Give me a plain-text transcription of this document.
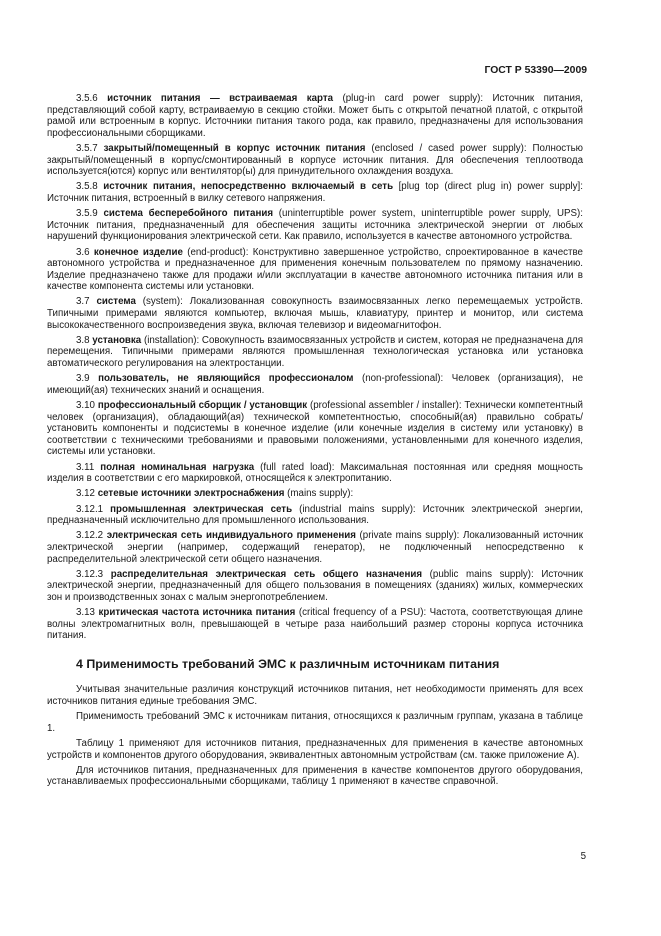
ГОСТ Р 53390—2009

3.5.6 источник питания — встраиваемая карта (plug-in card power supply): Источник питания, представляющий собой карту, встраиваемую в секцию стойки. Может быть с открытой печатной платой, с открытой рамой или встроенным в корпус. Источники питания такого рода, как правило, предназначены для использования профессиональными сборщиками.

3.5.7 закрытый/помещенный в корпус источник питания (enclosed / cased power supply): Полностью закрытый/помещенный в корпус/смонтированный в корпусе источник питания. Для обеспечения теплоотвода используется(ются) корпус или вентилятор(ы) для принудительного охлаждения воздуха.

3.5.8 источник питания, непосредственно включаемый в сеть [plug top (direct plug in) power supply]: Источник питания, встроенный в вилку сетевого напряжения.

3.5.9 система бесперебойного питания (uninterruptible power system, uninterruptible power supply, UPS): Источник питания, предназначенный для обеспечения защиты источника электрической энергии от любых нарушений функционирования электрической сети. Как правило, используется в качестве автономного устройства.

3.6 конечное изделие (end-product): Конструктивно завершенное устройство, спроектированное в качестве автономного устройства и предназначенное для применения конечным пользователем по прямому назначению. Изделие предназначено также для продажи и/или эксплуатации в качестве автономного источника питания или в качестве компонента системы или установки.

3.7 система (system): Локализованная совокупность взаимосвязанных легко перемещаемых устройств. Типичными примерами являются компьютер, включая мышь, клавиатуру, принтер и монитор, или система высококачественного воспроизведения звука, включая телевизор и видеомагнитофон.

3.8 установка (installation): Совокупность взаимосвязанных устройств и систем, которая не предназначена для перемещения. Типичными примерами являются промышленная технологическая установка или установка автоматического регулирования на электростанции.

3.9 пользователь, не являющийся профессионалом (non-professional): Человек (организация), не имеющий(ая) технических знаний и оснащения.

3.10 профессиональный сборщик / установщик (professional assembler / installer): Технически компетентный человек (организация), обладающий(ая) технической компетентностью, способный(ая) правильно собрать/установить компоненты и подсистемы в конечное изделие (или конечные изделия в систему или установку) в соответствии с техническими требованиями и правовыми положениями, установленными для конечного изделия, системы или установки.

3.11 полная номинальная нагрузка (full rated load): Максимальная постоянная или средняя мощность изделия в соответствии с его маркировкой, относящейся к электропитанию.

3.12 сетевые источники электроснабжения (mains supply):

3.12.1 промышленная электрическая сеть (industrial mains supply): Источник электрической энергии, предназначенный исключительно для промышленного использования.

3.12.2 электрическая сеть индивидуального применения (private mains supply): Локализованный источник электрической энергии (например, содержащий генератор), не подключенный непосредственно к распределительной электрической сети общего назначения.

3.12.3 распределительная электрическая сеть общего назначения (public mains supply): Источник электрической энергии, предназначенный для общего пользования в помещениях (зданиях) жилых, коммерческих зон и производственных зонах с малым энергопотреблением.

3.13 критическая частота источника питания (critical frequency of a PSU): Частота, соответствующая длине волны электромагнитных волн, превышающей в четыре раза наибольший размер стороны корпуса источника питания.

4 Применимость требований ЭМС к различным источникам питания

Учитывая значительные различия конструкций источников питания, нет необходимости применять для всех источников питания единые требования ЭМС.

Применимость требований ЭМС к источникам питания, относящихся к различным группам, указана в таблице 1.

Таблицу 1 применяют для источников питания, предназначенных для применения в качестве автономных устройств и компонентов другого оборудования, эквивалентных автономным устройствам (см. также приложение А).

Для источников питания, предназначенных для применения в качестве компонентов другого оборудования, устанавливаемых профессиональными сборщиками, таблицу 1 применяют в качестве справочной.

5
